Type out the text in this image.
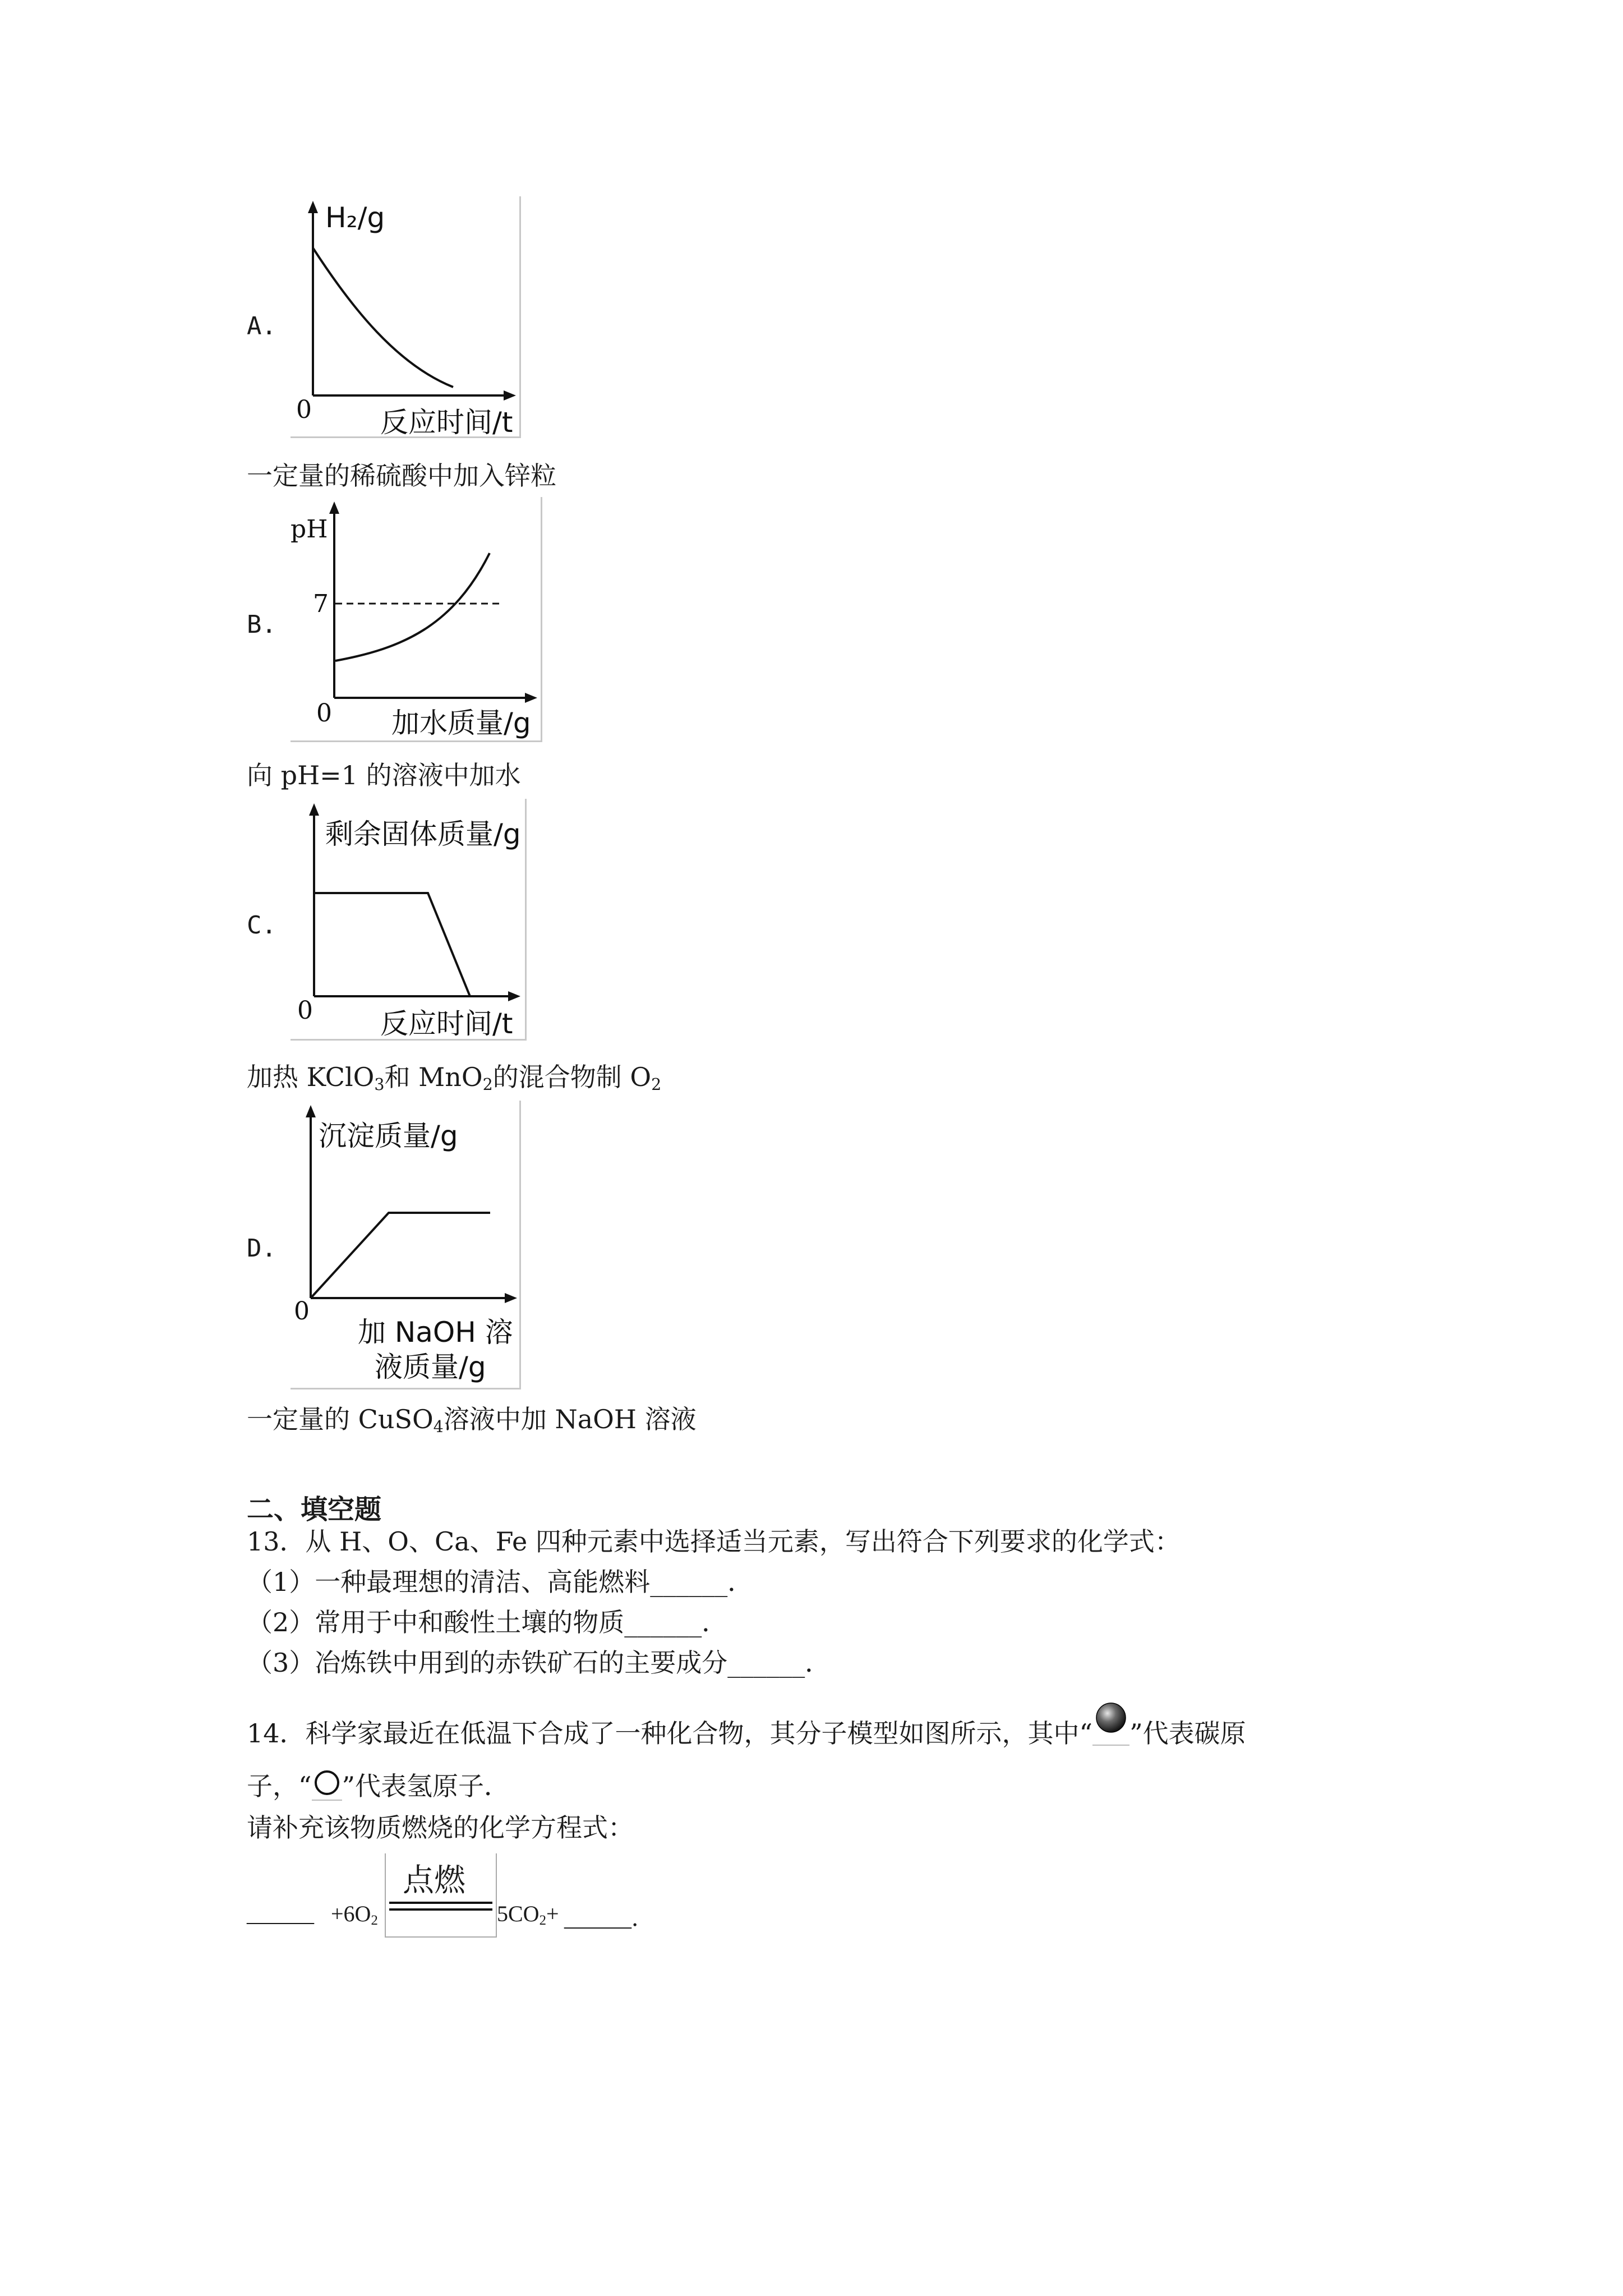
A.
H₂/g
0 反应时间/t
一定量的稀硫酸中加入锌粒
B.
pH
7
0 加水质量/g
向 pH=1 的溶液中加水
C.
剩余固体质量/g
0 反应时间/t
加热 KClO$_3$和 MnO$_2$的混合物制 $O_2$
D.
沉淀质量/g
0
加 NaOH 溶
液质量/g
一定量的 CuSO$_4$溶液中加 NaOH 溶液
二、填空题
13．从 H、O、Ca、Fe 四种元素中选择适当元素，写出符合下列要求的化学式：
（1）一种最理想的清洁、高能燃料______．
（2）常用于中和酸性土壤的物质______．
（3）冶炼铁中用到的赤铁矿石的主要成分______．
14．科学家最近在低温下合成了一种化合物，其分子模型如图所示，其中“ ”代表碳原
子，“ ”代表氢原子．
请补充该物质燃烧的化学方程式：
______ $+6O_2$
点燃
$5CO_2+$ ______．
